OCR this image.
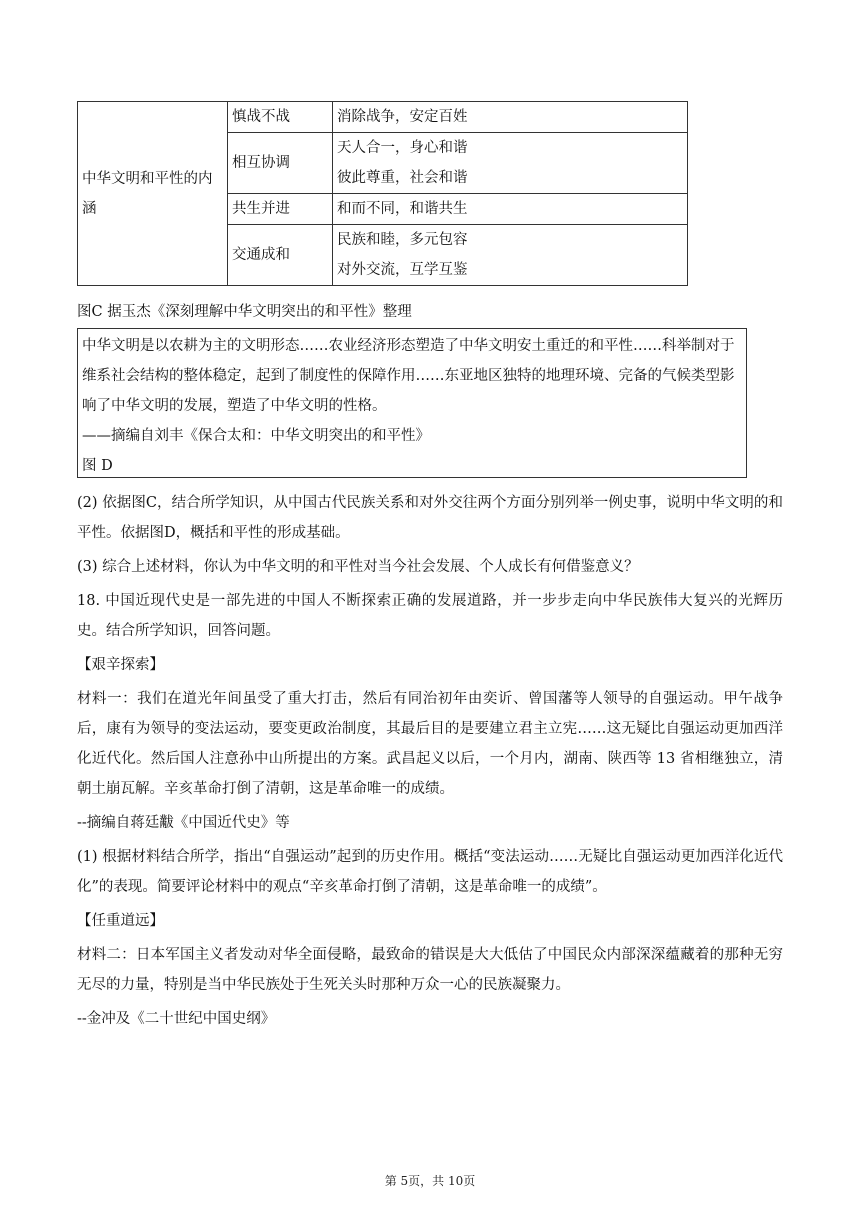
中华文明和平性的内涵	慎战不战	消除战争，安定百姓

	相互协调	天人合一，身心和谐
彼此尊重，社会和谐

	共生并进	和而不同，和谐共生

	交通成和	民族和睦，多元包容
对外交流，互学互鉴
图C 据玉杰《深刻理解中华文明突出的和平性》整理

中华文明是以农耕为主的文明形态……农业经济形态塑造了中华文明安土重迁的和平性……科举制对于维系社会结构的整体稳定，起到了制度性的保障作用……东亚地区独特的地理环境、完备的气候类型影响了中华文明的发展，塑造了中华文明的性格。

——摘编自刘丰《保合太和：中华文明突出的和平性》

图 D

(2) 依据图C，结合所学知识，从中国古代民族关系和对外交往两个方面分别列举一例史事，说明中华文明的和平性。依据图D，概括和平性的形成基础。

(3) 综合上述材料，你认为中华文明的和平性对当今社会发展、个人成长有何借鉴意义？

18. 中国近现代史是一部先进的中国人不断探索正确的发展道路，并一步步走向中华民族伟大复兴的光辉历史。结合所学知识，回答问题。

【艰辛探索】

材料一：我们在道光年间虽受了重大打击，然后有同治初年由奕䜣、曾国藩等人领导的自强运动。甲午战争后，康有为领导的变法运动，要变更政治制度，其最后目的是要建立君主立宪……这无疑比自强运动更加西洋化近代化。然后国人注意孙中山所提出的方案。武昌起义以后，一个月内，湖南、陕西等 13 省相继独立，清朝土崩瓦解。辛亥革命打倒了清朝，这是革命唯一的成绩。

--摘编自蒋廷黻《中国近代史》等

(1) 根据材料结合所学，指出“自强运动”起到的历史作用。概括“变法运动……无疑比自强运动更加西洋化近代化”的表现。简要评论材料中的观点“辛亥革命打倒了清朝，这是革命唯一的成绩”。

【任重道远】

材料二：日本军国主义者发动对华全面侵略，最致命的错误是大大低估了中国民众内部深深蕴藏着的那种无穷无尽的力量，特别是当中华民族处于生死关头时那种万众一心的民族凝聚力。

--金冲及《二十世纪中国史纲》

第 5页，共 10页
